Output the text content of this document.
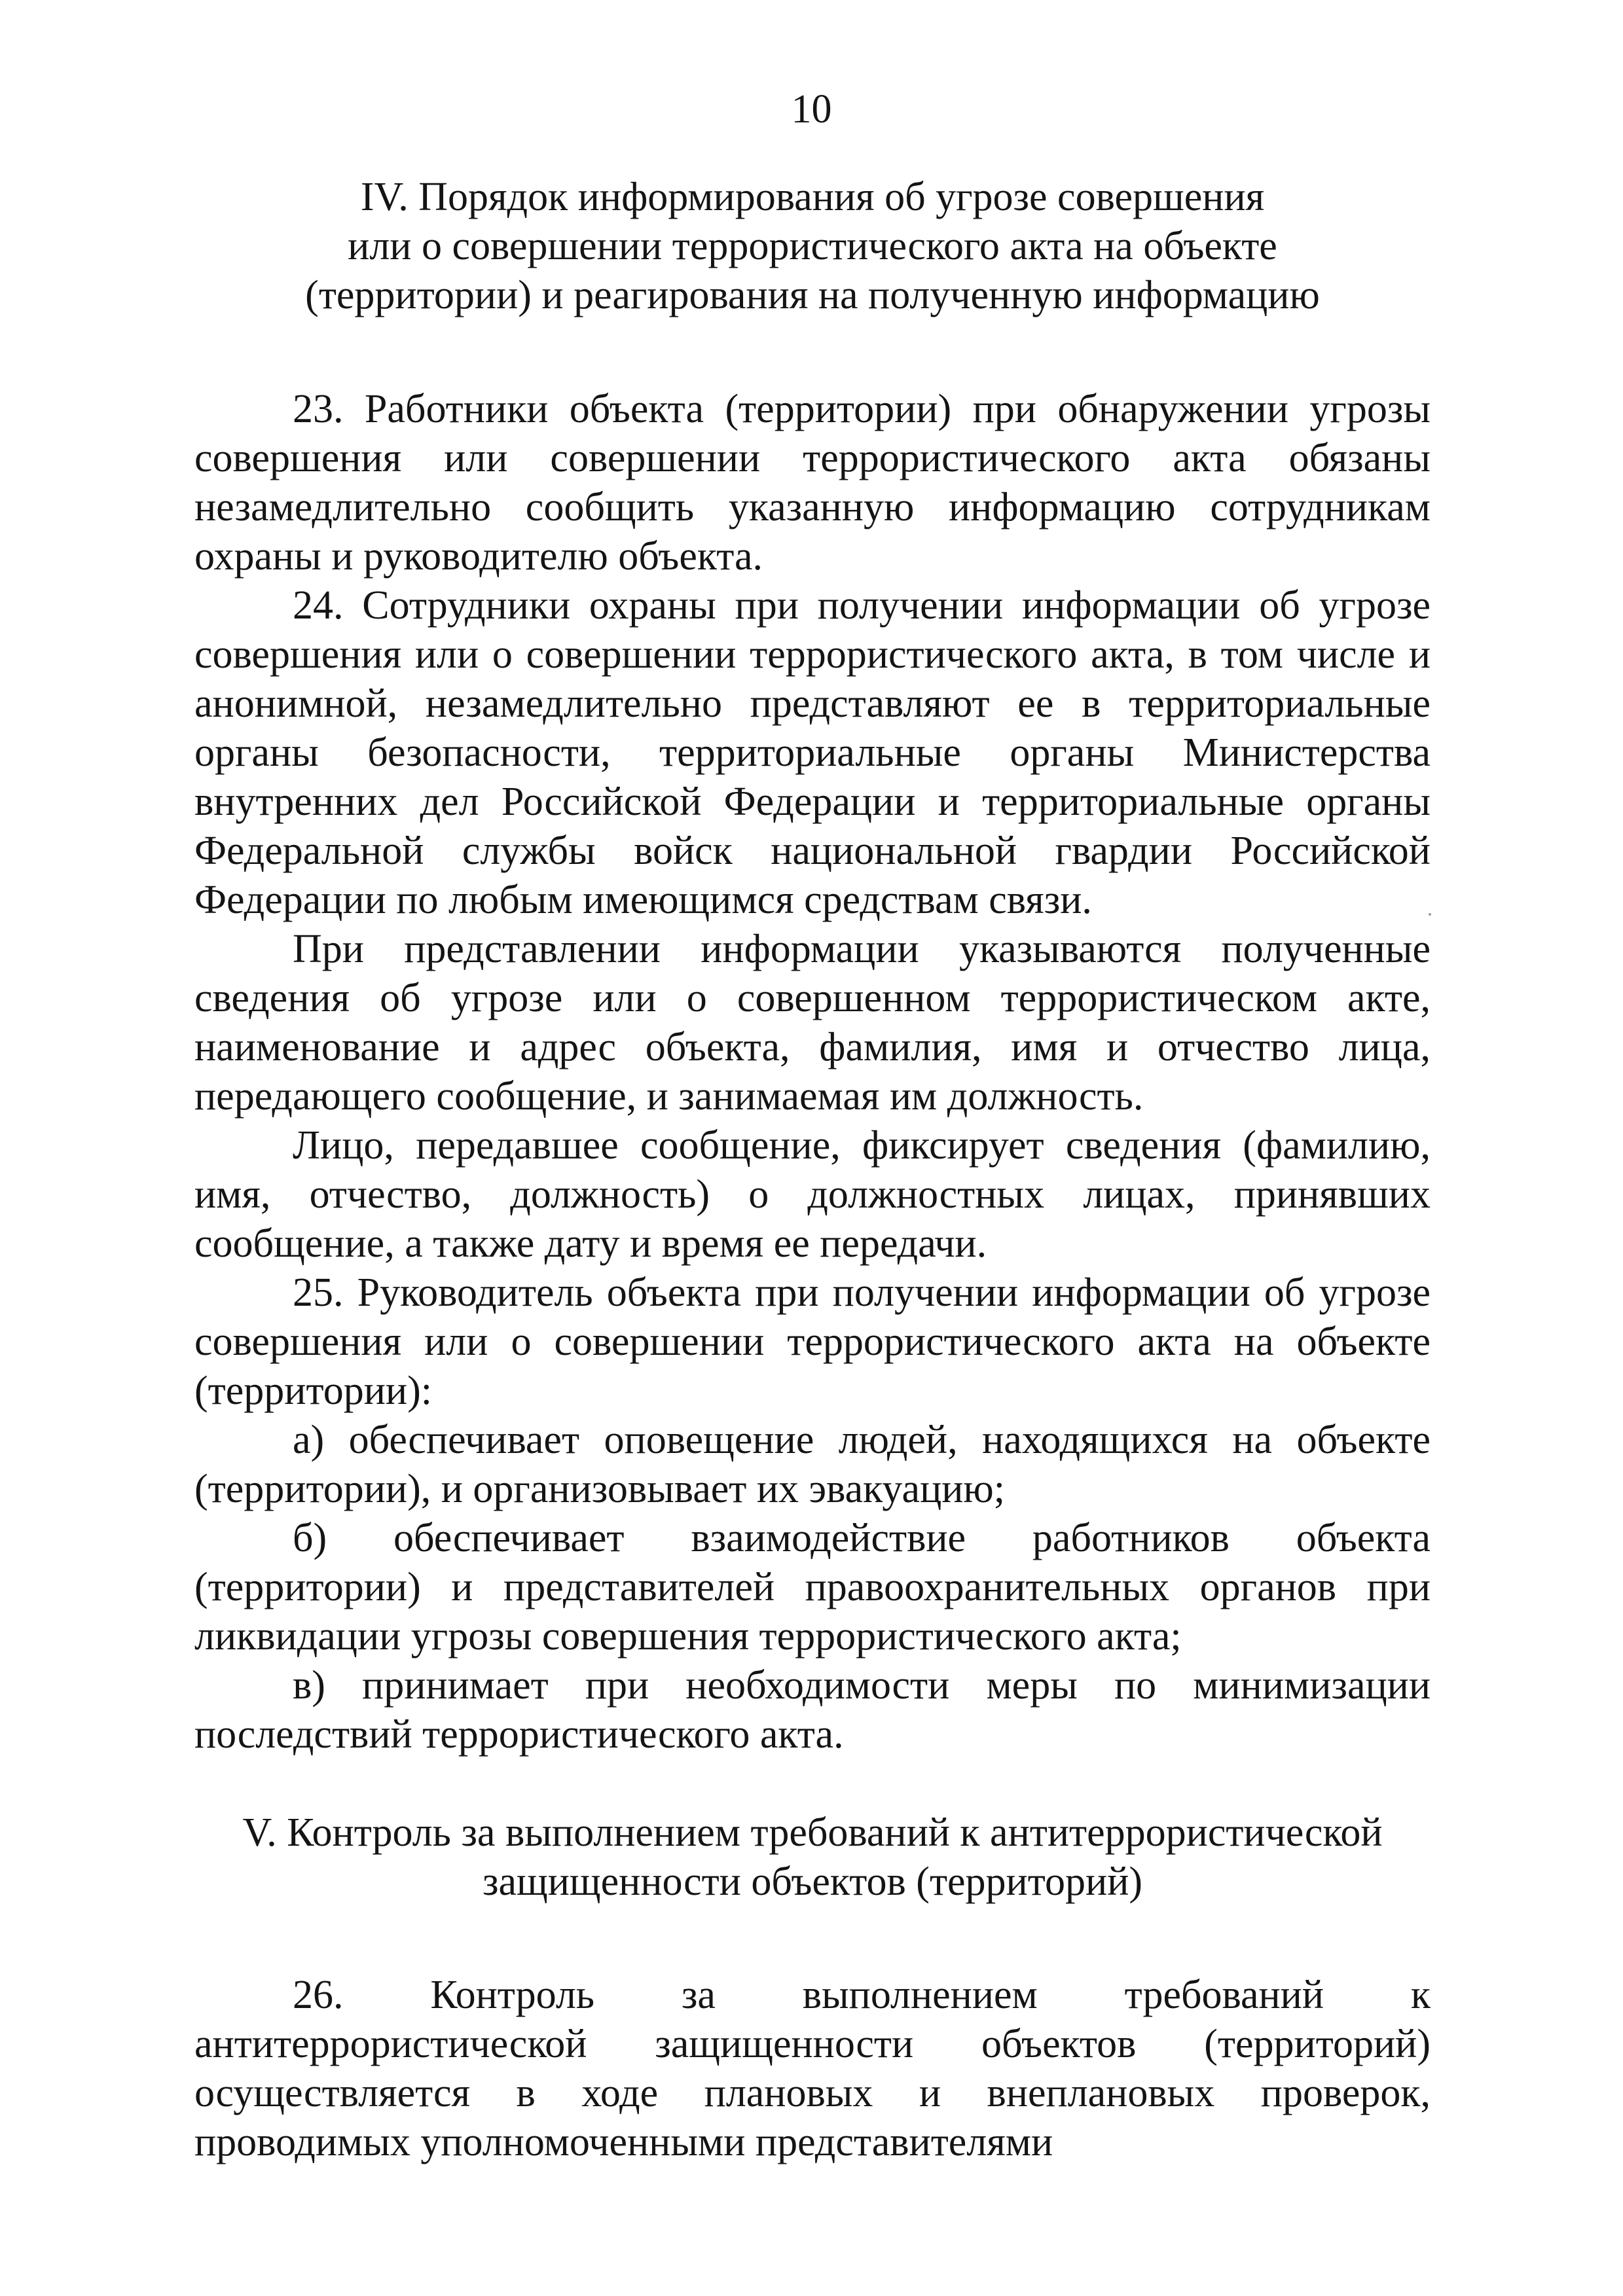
10
IV. Порядок информирования об угрозе совершения
или о совершении террористического акта на объекте
(территории) и реагирования на полученную информацию

23. Работники объекта (территории) при обнаружении угрозы совершения или совершении террористического акта обязаны незамедлительно сообщить указанную информацию сотрудникам охраны и руководителю объекта.

24. Сотрудники охраны при получении информации об угрозе совершения или о совершении террористического акта, в том числе и анонимной, незамедлительно представляют ее в территориальные органы безопасности, территориальные органы Министерства внутренних дел Российской Федерации и территориальные органы Федеральной службы войск национальной гвардии Российской Федерации по любым имеющимся средствам связи.

При представлении информации указываются полученные сведения об угрозе или о совершенном террористическом акте, наименование и адрес объекта, фамилия, имя и отчество лица, передающего сообщение, и занимаемая им должность.

Лицо, передавшее сообщение, фиксирует сведения (фамилию, имя, отчество, должность) о должностных лицах, принявших сообщение, а также дату и время ее передачи.

25. Руководитель объекта при получении информации об угрозе совершения или о совершении террористического акта на объекте (территории):

а) обеспечивает оповещение людей, находящихся на объекте (территории), и организовывает их эвакуацию;

б) обеспечивает взаимодействие работников объекта (территории) и представителей правоохранительных органов при ликвидации угрозы совершения террористического акта;

в) принимает при необходимости меры по минимизации последствий террористического акта.

V. Контроль за выполнением требований к антитеррористической
защищенности объектов (территорий)

26. Контроль за выполнением требований к антитеррористической защищенности объектов (территорий) осуществляется в ходе плановых и внеплановых проверок, проводимых уполномоченными представителями
